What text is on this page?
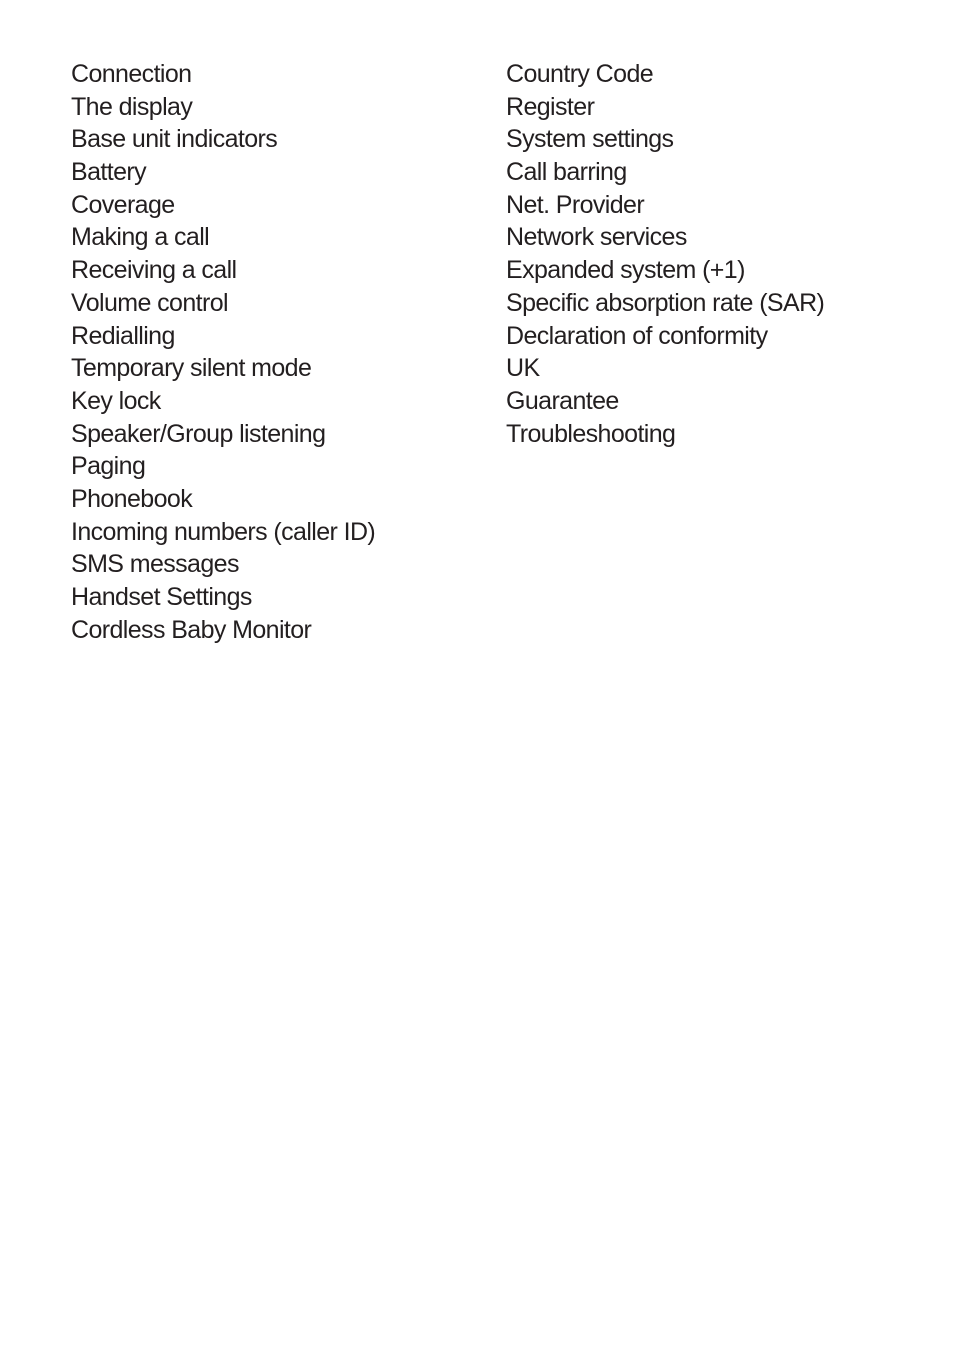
Connection
The display
Base unit indicators
Battery
Coverage
Making a call
Receiving a call
Volume control
Redialling
Temporary silent mode
Key lock
Speaker/Group listening
Paging
Phonebook
Incoming numbers (caller ID)
SMS messages
Handset Settings
Cordless Baby Monitor
Country Code
Register
System settings
Call barring
Net. Provider
Network services
Expanded system (+1)
Specific absorption rate (SAR)
Declaration of conformity
UK
Guarantee
Troubleshooting
